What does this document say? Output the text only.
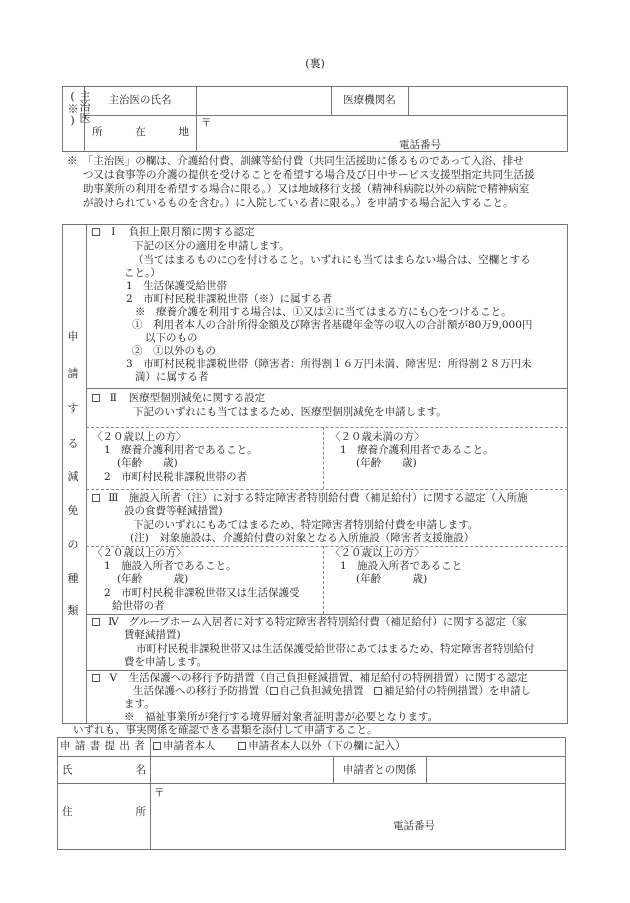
(裏)
主治医(※)	主治医の氏名	医療機関名
所	在	地
〒
電話番号
※　「主治医」の欄は、介護給付費、訓練等給付費（共同生活援助に係るものであって入浴、排せ
つ又は食事等の介護の提供を受けることを希望する場合及び日中サービス支援型指定共同生活援
助事業所の利用を希望する場合に限る。）又は地域移行支援（精神科病院以外の病院で精神病室
が設けられているものを含む。）に入院している者に限る。）を申請する場合記入すること。
申
請
す
る
減
免
の
種
類
Ⅰ 負担上限月額に関する認定
下記の区分の適用を申請します。
（当てはまるものに○を付けること。いずれにも当てはまらない場合は、空欄とする
こと。）
1　生活保護受給世帯
2　市町村民税非課税世帯（※）に属する者
※　療養介護を利用する場合は、①又は②に当てはまる方にも○をつけること。
①　利用者本人の合計所得金額及び障害者基礎年金等の収入の合計額が80万9,000円
以下のもの
②　①以外のもの
3　市町村民税非課税世帯（障害者：所得割１６万円未満、障害児：所得割２８万円未
満）に属する者
Ⅱ 医療型個別減免に関する設定
下記のいずれにも当てはまるため、医療型個別減免を申請します。
〈２０歳以上の方〉
1　療養介護利用者であること。
(年齢　　歳)
2　市町村民税非課税世帯の者
〈２０歳未満の方〉
1　療養介護利用者であること。
(年齢　　歳)
Ⅲ 施設入所者（注）に対する特定障害者特別給付費（補足給付）に関する認定（入所施
設の食費等軽減措置)
下記のいずれにもあてはまるため、特定障害者特別給付費を申請します。
(注)　対象施設は、介護給付費の対象となる入所施設（障害者支援施設）
〈２０歳以上の方〉
1　施設入所者であること。
(年齢　　　歳)
2　市町村民税非課税世帯又は生活保護受
給世帯の者
〈２０歳以上の方〉
1　施設入所者であること
(年齢　　　歳)
Ⅳ グループホーム入居者に対する特定障害者特別給付費（補足給付）に関する認定（家
賃軽減措置)
市町村民税非課税世帯又は生活保護受給世帯にあてはまるため、特定障害者特別給付
費を申請します。
Ⅴ 生活保護への移行予防措置（自己負担軽減措置、補足給付の特例措置）に関する認定
生活保護への移行予防措置（ 自己負担減免措置　 補足給付の特例措置）を申請し
ます。
※　福祉事業所が発行する境界層対象者証明書が必要となります。
いずれも、事実関係を確認できる書類を添付して申請すること。
申 請 書 提 出 者	申請者本人	申請者本人以外（下の欄に記入）
氏	名	申請者との関係
住	所
〒
電話番号
